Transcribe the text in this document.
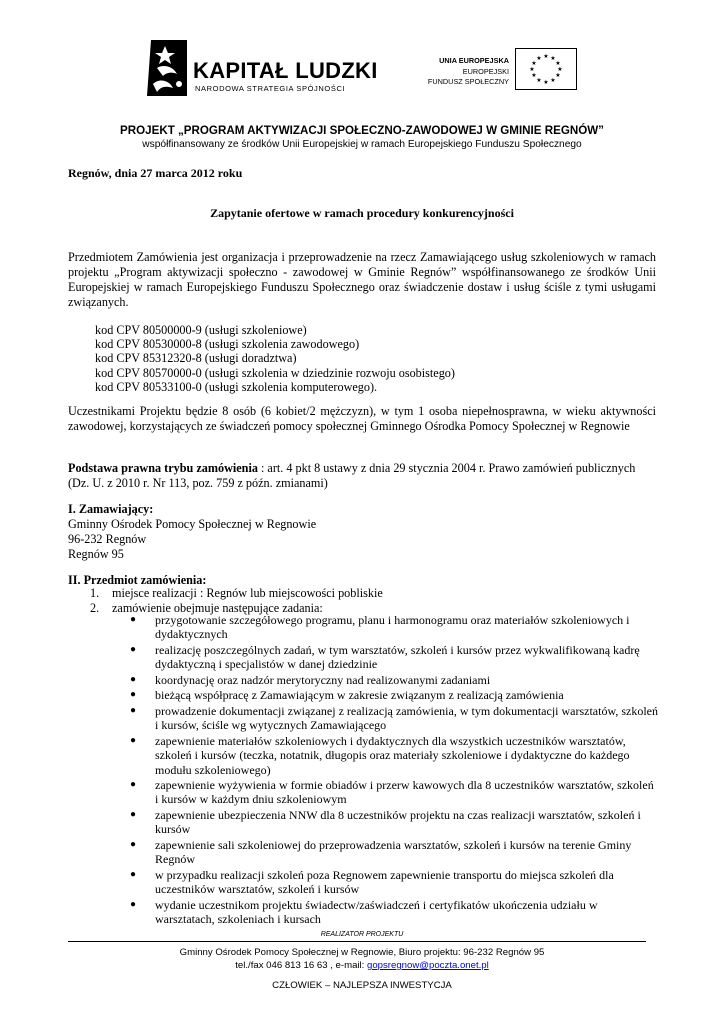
KAPITAŁ LUDZKI
NARODOWA STRATEGIA SPÓJNOŚCI
UNIA EUROPEJSKA
EUROPEJSKI
FUNDUSZ SPOŁECZNY
★ ★
★
★
★
★
★
★
★
★
★
★
PROJEKT „PROGRAM AKTYWIZACJI SPOŁECZNO-ZAWODOWEJ W GMINIE REGNÓW”
współfinansowany ze środków Unii Europejskiej w ramach Europejskiego Funduszu Społecznego
Regnów, dnia 27 marca 2012 roku
Zapytanie ofertowe w ramach procedury konkurencyjności
Przedmiotem Zamówienia jest organizacja i przeprowadzenie na rzecz Zamawiającego usług szkoleniowych w ramach projektu „Program aktywizacji społeczno - zawodowej w Gminie Regnów” współfinansowanego ze środków Unii Europejskiej w ramach Europejskiego Funduszu Społecznego oraz świadczenie dostaw i usług ściśle z tymi usługami związanych.
kod CPV 80500000-9 (usługi szkoleniowe)
kod CPV 80530000-8 (usługi szkolenia zawodowego)
kod CPV 85312320-8 (usługi doradztwa)
kod CPV 80570000-0 (usługi szkolenia w dziedzinie rozwoju osobistego)
kod CPV 80533100-0 (usługi szkolenia komputerowego).
Uczestnikami Projektu będzie 8 osób (6 kobiet/2 mężczyzn), w tym 1 osoba niepełnosprawna, w wieku aktywności zawodowej, korzystających ze świadczeń pomocy społecznej Gminnego Ośrodka Pomocy Społecznej w Regnowie
Podstawa prawna trybu zamówienia : art. 4 pkt 8 ustawy z dnia 29 stycznia 2004 r. Prawo zamówień publicznych
(Dz. U. z 2010 r. Nr 113, poz. 759 z późn. zmianami)
I. Zamawiający:
Gminny Ośrodek Pomocy Społecznej w Regnowie
96-232 Regnów
Regnów 95
II. Przedmiot zamówienia:
1. miejsce realizacji : Regnów lub miejscowości pobliskie
2. zamówienie obejmuje następujące zadania:
● przygotowanie szczegółowego programu, planu i harmonogramu oraz materiałów szkoleniowych i dydaktycznych
● realizację poszczególnych zadań, w tym warsztatów, szkoleń i kursów przez wykwalifikowaną kadrę dydaktyczną i specjalistów w danej dziedzinie
● koordynację oraz nadzór merytoryczny nad realizowanymi zadaniami
● bieżącą współpracę z Zamawiającym w zakresie związanym z realizacją zamówienia
● prowadzenie dokumentacji związanej z realizacją zamówienia, w tym dokumentacji warsztatów, szkoleń i kursów, ściśle wg wytycznych Zamawiającego
● zapewnienie materiałów szkoleniowych i dydaktycznych dla wszystkich uczestników warsztatów, szkoleń i kursów (teczka, notatnik, długopis oraz materiały szkoleniowe i dydaktyczne do każdego modułu szkoleniowego)
● zapewnienie wyżywienia w formie obiadów i przerw kawowych dla 8 uczestników warsztatów, szkoleń i kursów w każdym dniu szkoleniowym
● zapewnienie ubezpieczenia NNW dla 8 uczestników projektu na czas realizacji warsztatów, szkoleń i kursów
● zapewnienie sali szkoleniowej do przeprowadzenia warsztatów, szkoleń i kursów na terenie Gminy Regnów
● w przypadku realizacji szkoleń poza Regnowem zapewnienie transportu do miejsca szkoleń dla uczestników warsztatów, szkoleń i kursów
● wydanie uczestnikom projektu świadectw/zaświadczeń i certyfikatów ukończenia udziału w warsztatach, szkoleniach i kursach
REALIZATOR PROJEKTU
Gminny Ośrodek Pomocy Społecznej w Regnowie, Biuro projektu: 96-232 Regnów 95
tel./fax 046 813 16 63 , e-mail: gopsregnow@poczta.onet.pl
CZŁOWIEK – NAJLEPSZA INWESTYCJA
